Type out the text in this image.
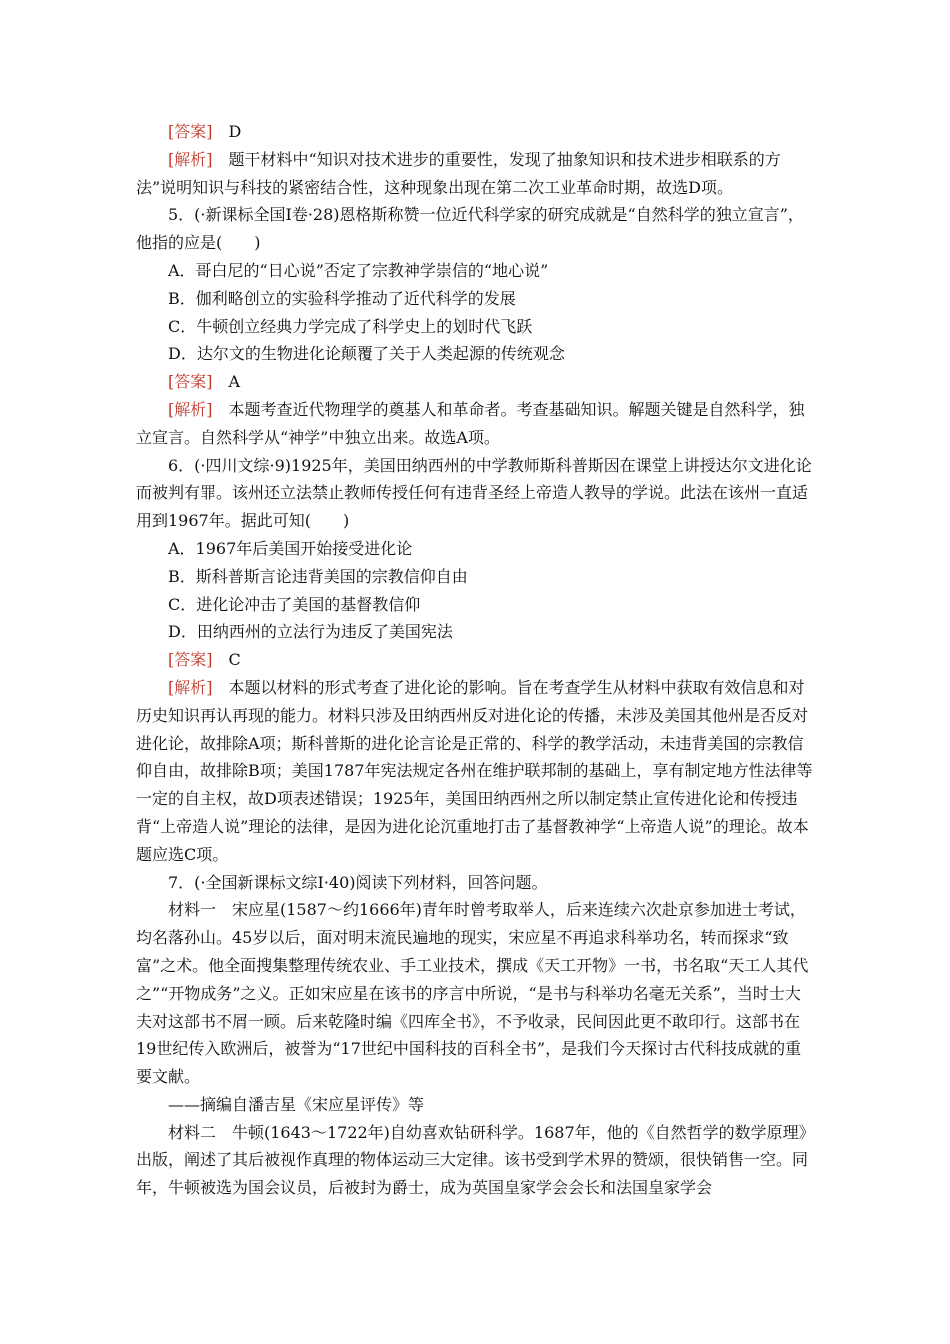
[答案]　 D

[解析]　 题干材料中“知识对技术进步的重要性，发现了抽象知识和技术进步相联系的方法”说明知识与科技的紧密结合性，这种现象出现在第二次工业革命时期，故选D项。

5．(·新课标全国Ⅰ卷·28)恩格斯称赞一位近代科学家的研究成就是“自然科学的独立宣言”，他指的应是(　　)

A．哥白尼的“日心说”否定了宗教神学崇信的“地心说”

B．伽利略创立的实验科学推动了近代科学的发展

C．牛顿创立经典力学完成了科学史上的划时代飞跃

D．达尔文的生物进化论颠覆了关于人类起源的传统观念

[答案]　 A

[解析]　 本题考查近代物理学的奠基人和革命者。考查基础知识。解题关键是自然科学，独立宣言。自然科学从“神学”中独立出来。故选A项。

6．(·四川文综·9)1925年，美国田纳西州的中学教师斯科普斯因在课堂上讲授达尔文进化论而被判有罪。该州还立法禁止教师传授任何有违背圣经上帝造人教导的学说。此法在该州一直适用到1967年。据此可知(　　)

A．1967年后美国开始接受进化论

B．斯科普斯言论违背美国的宗教信仰自由

C．进化论冲击了美国的基督教信仰

D．田纳西州的立法行为违反了美国宪法

[答案]　 C

[解析]　 本题以材料的形式考查了进化论的影响。旨在考查学生从材料中获取有效信息和对历史知识再认再现的能力。材料只涉及田纳西州反对进化论的传播，未涉及美国其他州是否反对进化论，故排除A项；斯科普斯的进化论言论是正常的、科学的教学活动，未违背美国的宗教信仰自由，故排除B项；美国1787年宪法规定各州在维护联邦制的基础上，享有制定地方性法律等一定的自主权，故D项表述错误；1925年，美国田纳西州之所以制定禁止宣传进化论和传授违背“上帝造人说”理论的法律，是因为进化论沉重地打击了基督教神学“上帝造人说”的理论。故本题应选C项。

7．(·全国新课标文综Ⅰ·40)阅读下列材料，回答问题。

材料一　宋应星(1587～约1666年)青年时曾考取举人，后来连续六次赴京参加进士考试，均名落孙山。45岁以后，面对明末流民遍地的现实，宋应星不再追求科举功名，转而探求“致富”之术。他全面搜集整理传统农业、手工业技术，撰成《天工开物》一书，书名取“天工人其代之”“开物成务”之义。正如宋应星在该书的序言中所说，“是书与科举功名毫无关系”，当时士大夫对这部书不屑一顾。后来乾隆时编《四库全书》，不予收录，民间因此更不敢印行。这部书在19世纪传入欧洲后，被誉为“17世纪中国科技的百科全书”，是我们今天探讨古代科技成就的重要文献。

——摘编自潘吉星《宋应星评传》等

材料二　牛顿(1643～1722年)自幼喜欢钻研科学。1687年，他的《自然哲学的数学原理》出版，阐述了其后被视作真理的物体运动三大定律。该书受到学术界的赞颂，很快销售一空。同年，牛顿被选为国会议员，后被封为爵士，成为英国皇家学会会长和法国皇家学会
